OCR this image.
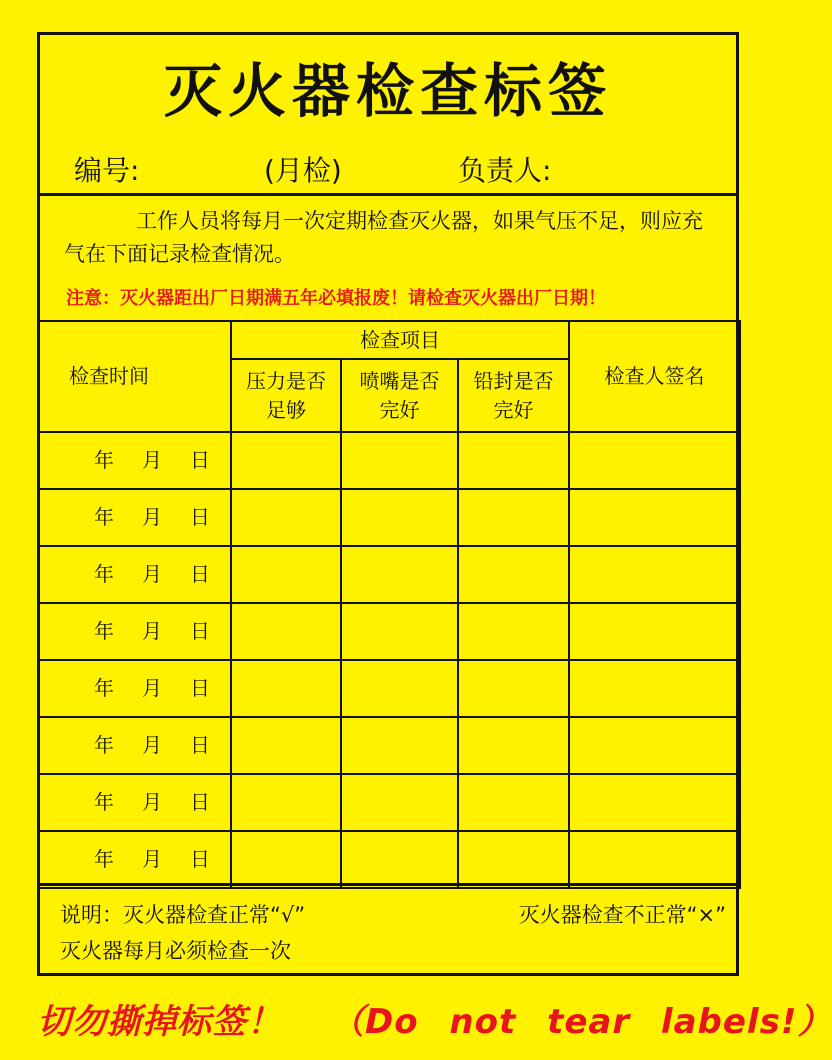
灭火器检查标签
编号:	(月检)	负责人:
工作人员将每月一次定期检查灭火器，如果气压不足，则应充气在下面记录检查情况。
注意：灭火器距出厂日期满五年必填报废！请检查灭火器出厂日期！
检查时间	检查项目			检查人签名

	压力是否足够	喷嘴是否完好	铅封是否完好	

年 月 日				
年 月 日				
年 月 日				
年 月 日				
年 月 日				
年 月 日				
年 月 日				
年 月 日				
说明：灭火器检查正常“√”	灭火器检查不正常“×”
灭火器每月必须检查一次
切勿撕掉标签！ （Do not tear labels!）
